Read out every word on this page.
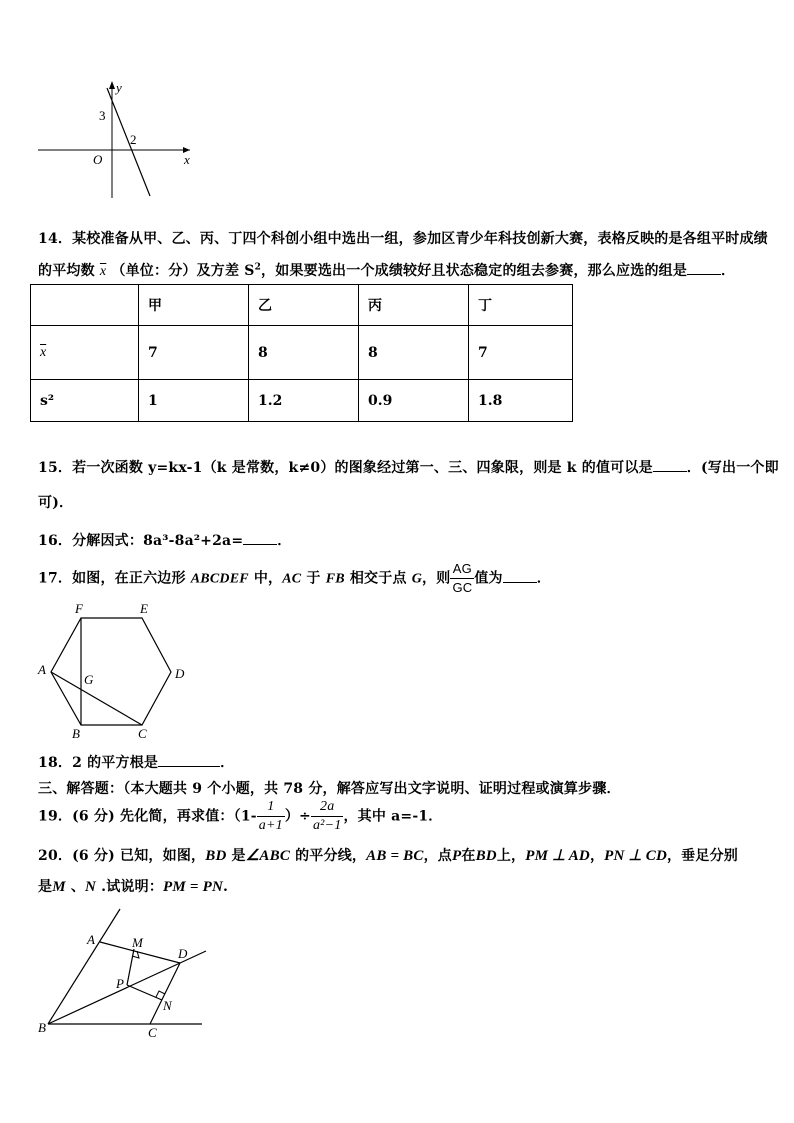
y
x
O
3
2
14．某校准备从甲、乙、丙、丁四个科创小组中选出一组，参加区青少年科技创新大赛，表格反映的是各组平时成绩
的平均数 $\overline{x}$ （单位：分）及方差 $S^2$，如果要选出一个成绩较好且状态稳定的组去参赛，那么应选的组是 ．
	甲	乙	丙	丁
$\overline{x}$	7	8	8	7
s²	1	1.2	0.9	1.8
15．若一次函数 y=kx-1（k 是常数，k≠0）的图象经过第一、三、四象限，则是 k 的值可以是 ．(写出一个即
可)．
16．分解因式：8a³-8a²+2a= ．
17．如图，在正六边形 ABCDEF 中，AC 于 FB 相交于点 G，则 $\frac{AG}{GC}$ 值为 ．
F	E
A
G	D
B	C
18．2 的平方根是	．
三、解答题：（本大题共 9 个小题，共 78 分，解答应写出文字说明、证明过程或演算步骤．
19．(6 分) 先化简，再求值：（$1- \frac{1}{a+1}$ ）÷ $\frac{2a}{\text{a²−1}}$ ，其中 a=-1．
20．(6 分) 已知，如图，BD 是∠ABC 的平分线，AB = BC，点P在BD上，PM ⊥ AD，PN ⊥ CD，垂足分别
是M 、N .试说明：PM = PN.
A	M
D
P
N
B	C
